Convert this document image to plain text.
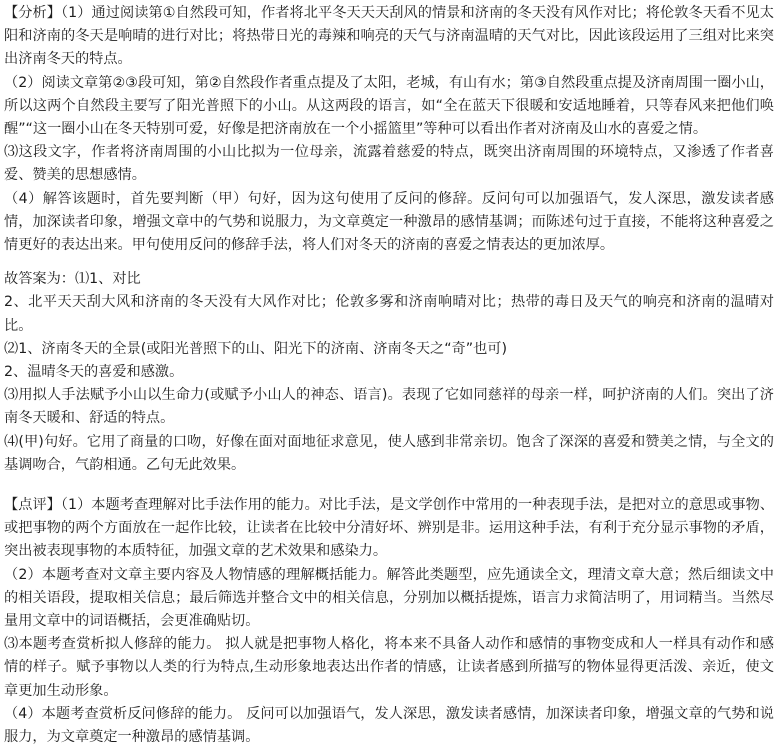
【分析】（1）通过阅读第①自然段可知，作者将北平冬天天天刮风的情景和济南的冬天没有风作对比；将伦敦冬天看不见太阳和济南的冬天是响晴的进行对比；将热带日光的毒辣和响亮的天气与济南温晴的天气对比，因此该段运用了三组对比来突出济南冬天的特点。

（2）阅读文章第②③段可知，第②自然段作者重点提及了太阳，老城，有山有水；第③自然段重点提及济南周围一圈小山，所以这两个自然段主要写了阳光普照下的小山。从这两段的语言，如“全在蓝天下很暖和安适地睡着，只等春风来把他们唤醒”“这一圈小山在冬天特别可爱，好像是把济南放在一个小摇篮里”等种可以看出作者对济南及山水的喜爱之情。

⑶这段文字，作者将济南周围的小山比拟为一位母亲，流露着慈爱的特点，既突出济南周围的环境特点，又渗透了作者喜爱、赞美的思想感情。

（4）解答该题时，首先要判断（甲）句好，因为这句使用了反问的修辞。反问句可以加强语气，发人深思，激发读者感情，加深读者印象，增强文章中的气势和说服力，为文章奠定一种激昂的感情基调；而陈述句过于直接，不能将这种喜爱之情更好的表达出来。甲句使用反问的修辞手法，将人们对冬天的济南的喜爱之情表达的更加浓厚。

故答案为：⑴1、对比

2、北平天天刮大风和济南的冬天没有大风作对比；伦敦多雾和济南响晴对比；热带的毒日及天气的响亮和济南的温晴对比。

⑵1、济南冬天的全景(或阳光普照下的山、阳光下的济南、济南冬天之“奇”也可)

2、温晴冬天的喜爱和感激。

⑶用拟人手法赋予小山以生命力(或赋予小山人的神态、语言)。表现了它如同慈祥的母亲一样，呵护济南的人们。突出了济南冬天暖和、舒适的特点。

⑷(甲)句好。它用了商量的口吻，好像在面对面地征求意见，使人感到非常亲切。饱含了深深的喜爱和赞美之情，与全文的基调吻合，气韵相通。乙句无此效果。

【点评】（1）本题考查理解对比手法作用的能力。对比手法，是文学创作中常用的一种表现手法，是把对立的意思或事物、或把事物的两个方面放在一起作比较，让读者在比较中分清好坏、辨别是非。运用这种手法，有利于充分显示事物的矛盾，突出被表现事物的本质特征，加强文章的艺术效果和感染力。

（2）本题考查对文章主要内容及人物情感的理解概括能力。解答此类题型，应先通读全文，理清文章大意；然后细读文中的相关语段，提取相关信息；最后筛选并整合文中的相关信息，分别加以概括提炼，语言力求简洁明了，用词精当。当然尽量用文章中的词语概括，会更准确贴切。

⑶本题考查赏析拟人修辞的能力。 拟人就是把事物人格化，将本来不具备人动作和感情的事物变成和人一样具有动作和感情的样子。赋予事物以人类的行为特点,生动形象地表达出作者的情感，让读者感到所描写的物体显得更活泼、亲近，使文章更加生动形象。

（4）本题考查赏析反问修辞的能力。 反问可以加强语气，发人深思，激发读者感情，加深读者印象，增强文章的气势和说服力，为文章奠定一种激昂的感情基调。
